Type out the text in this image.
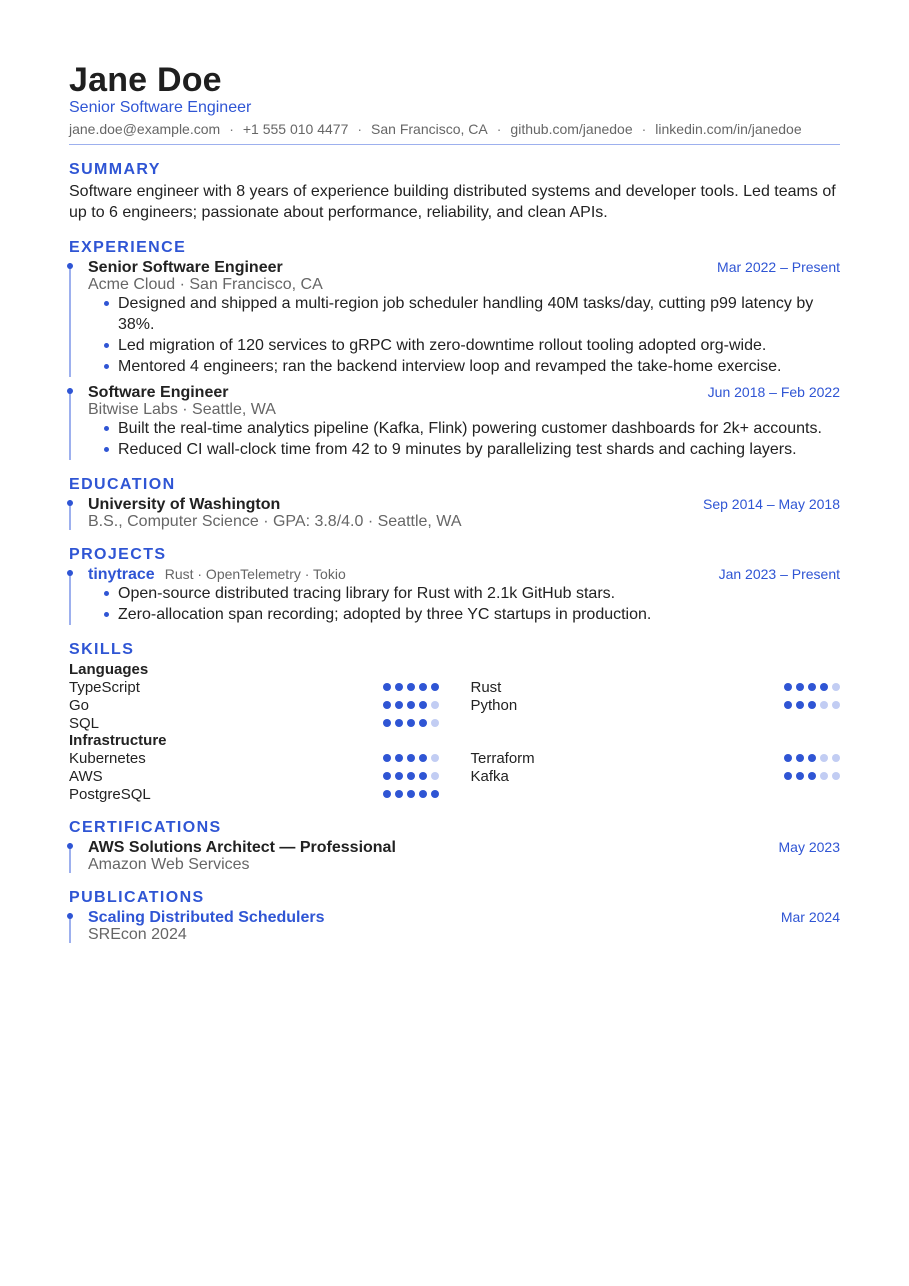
Jane Doe
Senior Software Engineer
jane.doe@example.com · +1 555 010 4477 · San Francisco, CA · github.com/janedoe · linkedin.com/in/janedoe
SUMMARY
Software engineer with 8 years of experience building distributed systems and developer tools. Led teams of up to 6 engineers; passionate about performance, reliability, and clean APIs.
EXPERIENCE
Senior Software Engineer	Mar 2022 – Present
Acme Cloud · San Francisco, CA
Designed and shipped a multi-region job scheduler handling 40M tasks/day, cutting p99 latency by 38%.
Led migration of 120 services to gRPC with zero-downtime rollout tooling adopted org-wide.
Mentored 4 engineers; ran the backend interview loop and revamped the take-home exercise.
Software Engineer	Jun 2018 – Feb 2022
Bitwise Labs · Seattle, WA
Built the real-time analytics pipeline (Kafka, Flink) powering customer dashboards for 2k+ accounts.
Reduced CI wall-clock time from 42 to 9 minutes by parallelizing test shards and caching layers.
EDUCATION
University of Washington	Sep 2014 – May 2018
B.S., Computer Science · GPA: 3.8/4.0 · Seattle, WA
PROJECTS
tinytrace Rust · OpenTelemetry · Tokio	Jan 2023 – Present
Open-source distributed tracing library for Rust with 2.1k GitHub stars.
Zero-allocation span recording; adopted by three YC startups in production.
SKILLS
Languages
TypeScript	Rust
Go	Python
SQL
Infrastructure
Kubernetes	Terraform
AWS	Kafka
PostgreSQL
CERTIFICATIONS
AWS Solutions Architect — Professional	May 2023
Amazon Web Services
PUBLICATIONS
Scaling Distributed Schedulers	Mar 2024
SREcon 2024
